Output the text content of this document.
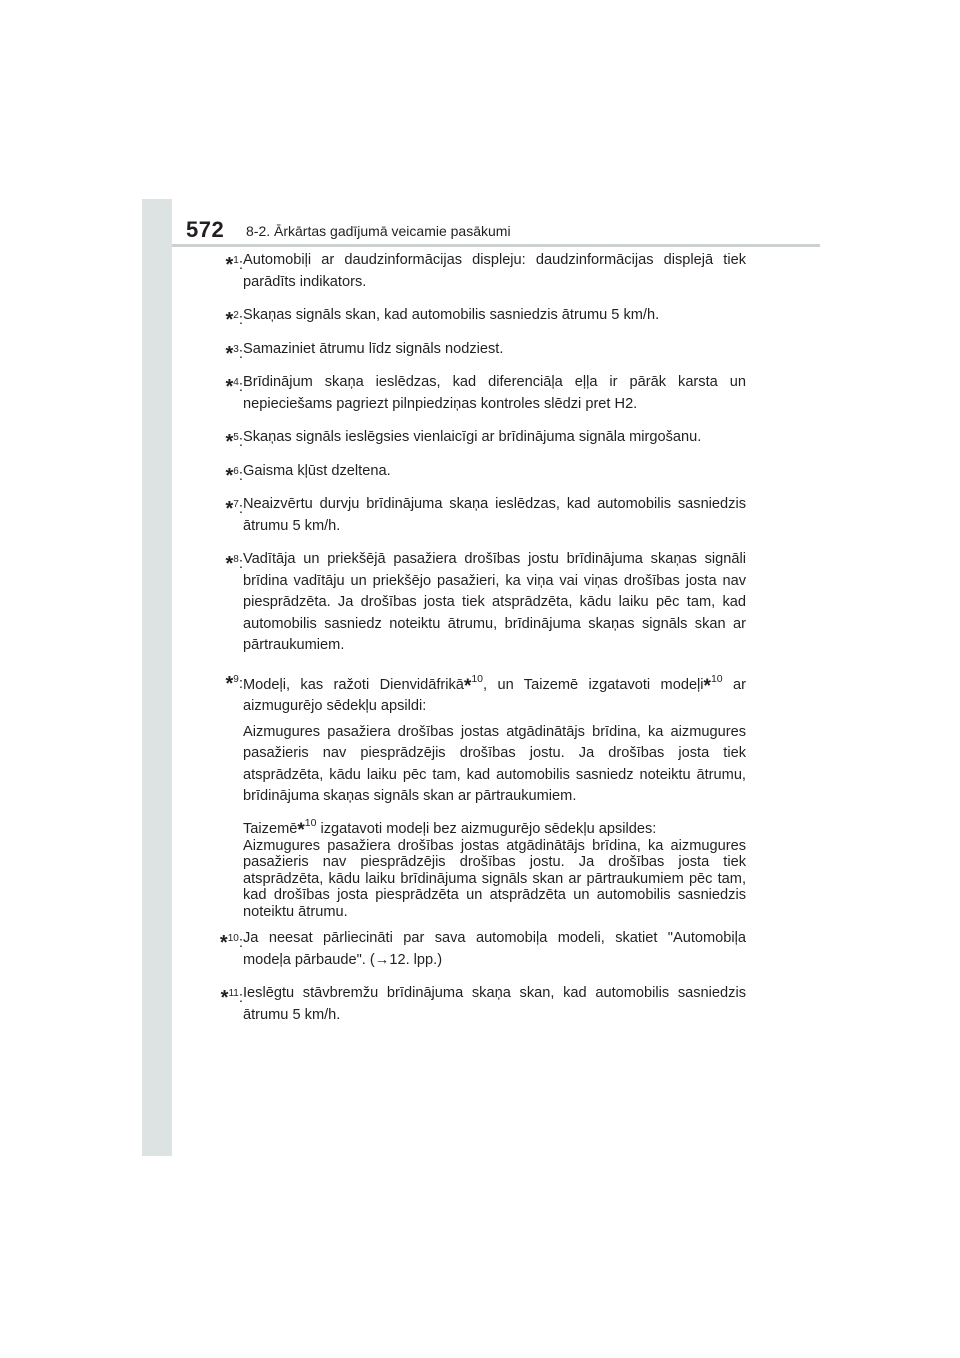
572 8-2. Ārkārtas gadījumā veicamie pasākumi
*$^1$: Automobiļi ar daudzinformācijas displeju: daudzinformācijas displejā tiek parādīts indikators.
*$^2$: Skaņas signāls skan, kad automobilis sasniedzis ātrumu 5 km/h.
*$^3$: Samaziniet ātrumu līdz signāls nodziest.
*$^4$: Brīdinājum skaņa ieslēdzas, kad diferenciāļa eļļa ir pārāk karsta un nepieciešams pagriezt pilnpiedziņas kontroles slēdzi pret H2.
*$^5$: Skaņas signāls ieslēgsies vienlaicīgi ar brīdinājuma signāla mirgošanu.
*$^6$: Gaisma kļūst dzeltena.
*$^7$: Neaizvērtu durvju brīdinājuma skaņa ieslēdzas, kad automobilis sasniedzis ātrumu 5 km/h.
*$^8$: Vadītāja un priekšējā pasažiera drošības jostu brīdinājuma skaņas signāli brīdina vadītāju un priekšējo pasažieri, ka viņa vai viņas drošības josta nav piesprādzēta. Ja drošības josta tiek atsprādzēta, kādu laiku pēc tam, kad automobilis sasniedz noteiktu ātrumu, brīdinājuma skaņas signāls skan ar pārtraukumiem.
*$^9$: Modeļi, kas ražoti Dienvidāfrikā*$^{10}$, un Taizemē izgatavoti modeļi*$^{10}$ ar aizmugurējo sēdekļu apsildi:
Aizmugures pasažiera drošības jostas atgādinātājs brīdina, ka aizmugures pasažieris nav piesprādzējis drošības jostu. Ja drošības josta tiek atsprādzēta, kādu laiku pēc tam, kad automobilis sasniedz noteiktu ātrumu, brīdinājuma skaņas signāls skan ar pārtraukumiem.
Taizemē*$^{10}$ izgatavoti modeļi bez aizmugurējo sēdekļu apsildes:
Aizmugures pasažiera drošības jostas atgādinātājs brīdina, ka aizmugures pasažieris nav piesprādzējis drošības jostu. Ja drošības josta tiek atsprādzēta, kādu laiku brīdinājuma signāls skan ar pārtraukumiem pēc tam, kad drošības josta piesprādzēta un atsprādzēta un automobilis sasniedzis noteiktu ātrumu.
*$^{10}$: Ja neesat pārliecināti par sava automobiļa modeli, skatiet "Automobiļa modeļa pārbaude". (→12. lpp.)
*$^{11}$: Ieslēgtu stāvbremžu brīdinājuma skaņa skan, kad automobilis sasniedzis ātrumu 5 km/h.
